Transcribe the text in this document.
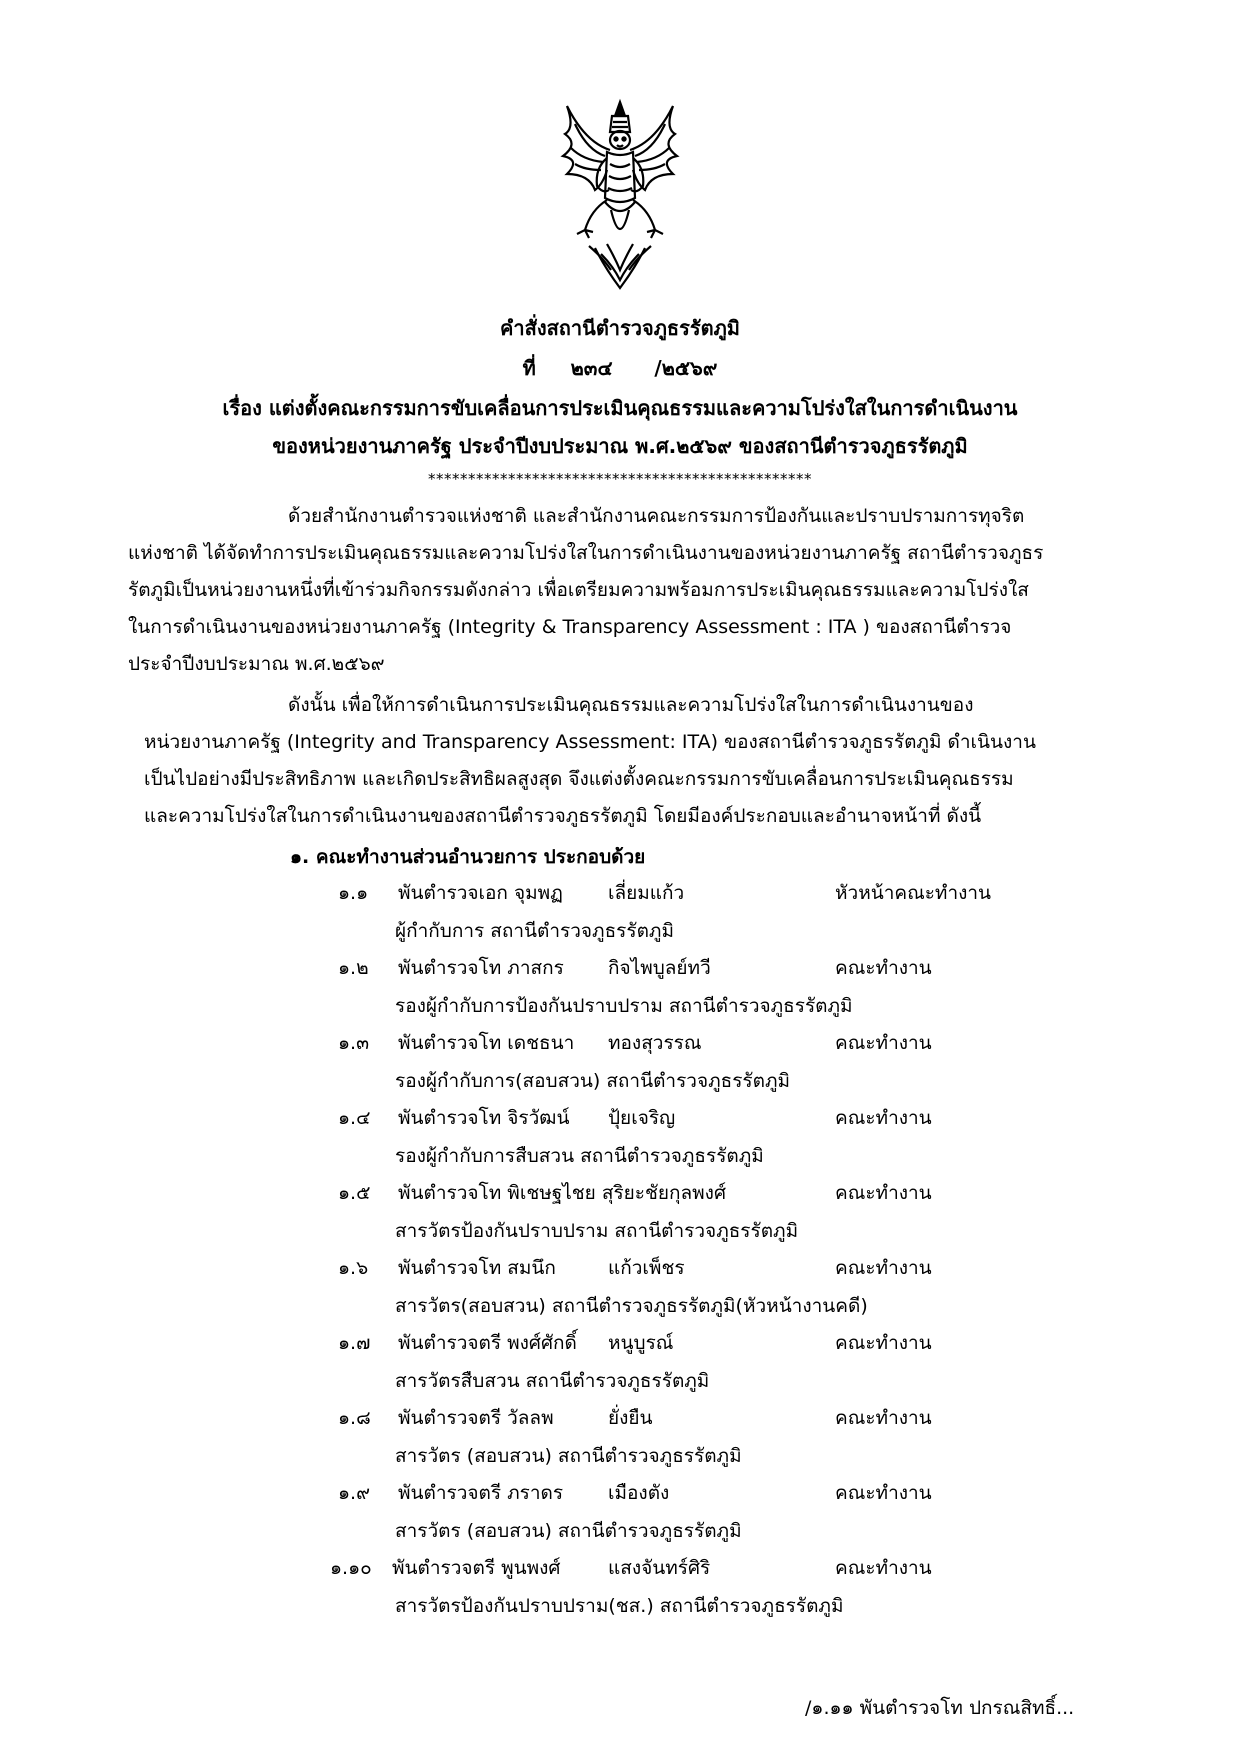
คำสั่งสถานีตำรวจภูธรรัตภูมิ
ที่ ๒๓๔ /๒๕๖๙
เรื่อง แต่งตั้งคณะกรรมการขับเคลื่อนการประเมินคุณธรรมและความโปร่งใสในการดำเนินงาน
ของหน่วยงานภาครัฐ ประจำปีงบประมาณ พ.ศ.๒๕๖๙ ของสถานีตำรวจภูธรรัตภูมิ
************************************************
ด้วยสำนักงานตำรวจแห่งชาติ และสำนักงานคณะกรรมการป้องกันและปราบปรามการทุจริต
แห่งชาติ ได้จัดทำการประเมินคุณธรรมและความโปร่งใสในการดำเนินงานของหน่วยงานภาครัฐ สถานีตำรวจภูธร
รัตภูมิเป็นหน่วยงานหนึ่งที่เข้าร่วมกิจกรรมดังกล่าว เพื่อเตรียมความพร้อมการประเมินคุณธรรมและความโปร่งใส
ในการดำเนินงานของหน่วยงานภาครัฐ (Integrity & Transparency Assessment : ITA ) ของสถานีตำรวจ
ประจำปีงบประมาณ พ.ศ.๒๕๖๙
ดังนั้น เพื่อให้การดำเนินการประเมินคุณธรรมและความโปร่งใสในการดำเนินงานของ
หน่วยงานภาครัฐ (Integrity and Transparency Assessment: ITA) ของสถานีตำรวจภูธรรัตภูมิ ดำเนินงาน
เป็นไปอย่างมีประสิทธิภาพ และเกิดประสิทธิผลสูงสุด จึงแต่งตั้งคณะกรรมการขับเคลื่อนการประเมินคุณธรรม
และความโปร่งใสในการดำเนินงานของสถานีตำรวจภูธรรัตภูมิ โดยมีองค์ประกอบและอำนาจหน้าที่ ดังนี้
๑. คณะทำงานส่วนอำนวยการ ประกอบด้วย
๑.๑ พันตำรวจเอก จุมพฏ เลี่ยมแก้ว	หัวหน้าคณะทำงาน
ผู้กำกับการ สถานีตำรวจภูธรรัตภูมิ
๑.๒ พันตำรวจโท ภาสกร กิจไพบูลย์ทวี	คณะทำงาน
รองผู้กำกับการป้องกันปราบปราม สถานีตำรวจภูธรรัตภูมิ
๑.๓ พันตำรวจโท เดชธนา ทองสุวรรณ	คณะทำงาน
รองผู้กำกับการ(สอบสวน) สถานีตำรวจภูธรรัตภูมิ
๑.๔ พันตำรวจโท จิรวัฒน์ ปุ้ยเจริญ	คณะทำงาน
รองผู้กำกับการสืบสวน สถานีตำรวจภูธรรัตภูมิ
๑.๕ พันตำรวจโท พิเชษฐไชย สุริยะชัยกุลพงศ์	คณะทำงาน
สารวัตรป้องกันปราบปราม สถานีตำรวจภูธรรัตภูมิ
๑.๖ พันตำรวจโท สมนึก	แก้วเพ็ชร	คณะทำงาน
สารวัตร(สอบสวน) สถานีตำรวจภูธรรัตภูมิ(หัวหน้างานคดี)
๑.๗ พันตำรวจตรี พงศ์ศักดิ์ หนูบูรณ์	คณะทำงาน
สารวัตรสืบสวน สถานีตำรวจภูธรรัตภูมิ
๑.๘ พันตำรวจตรี วัลลพ	ยั่งยืน	คณะทำงาน
สารวัตร (สอบสวน) สถานีตำรวจภูธรรัตภูมิ
๑.๙ พันตำรวจตรี ภราดร เมืองตัง	คณะทำงาน
สารวัตร (สอบสวน) สถานีตำรวจภูธรรัตภูมิ
๑.๑๐ พันตำรวจตรี พูนพงศ์	แสงจันทร์ศิริ	คณะทำงาน
สารวัตรป้องกันปราบปราม(ชส.) สถานีตำรวจภูธรรัตภูมิ
/๑.๑๑ พันตำรวจโท ปกรณสิทธิ์...
